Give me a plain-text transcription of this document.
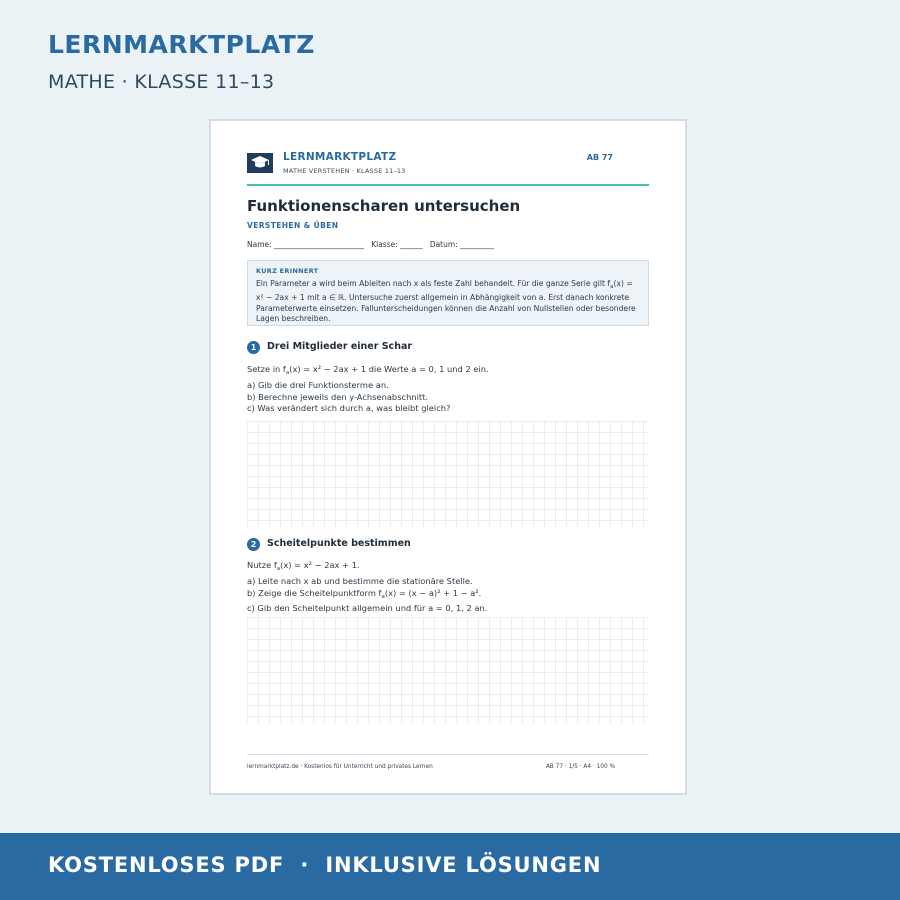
LERNMARKTPLATZ
MATHE · KLASSE 11–13
LERNMARKTPLATZ
MATHE VERSTEHEN · KLASSE 11–13
AB 77
Funktionenscharen untersuchen
VERSTEHEN & ÜBEN
Name: ________________________ Klasse: ______ Datum: _________
KURZ ERINNERT
Ein Parameter a wird beim Ableiten nach x als feste Zahl behandelt. Für die ganze Serie gilt $f_a(x) = x^2 - 2ax + 1$ mit a ∈ ℝ. Untersuche zuerst allgemein in Abhängigkeit von a. Erst danach konkrete Parameterwerte einsetzen. Fallunterscheidungen können die Anzahl von Nullstellen oder besondere Lagen beschreiben.
1	Drei Mitglieder einer Schar
Setze in $f_a(x) = x^2 - 2ax + 1$ die Werte a = 0, 1 und 2 ein.
a) Gib die drei Funktionsterme an.
b) Berechne jeweils den y-Achsenabschnitt.
c) Was verändert sich durch a, was bleibt gleich?
2	Scheitelpunkte bestimmen
Nutze $f_a(x) = x^2 - 2ax + 1$.
a) Leite nach x ab und bestimme die stationäre Stelle.
b) Zeige die Scheitelpunktform $f_a(x) = (x - a)^2 + 1 - a^2$.
c) Gib den Scheitelpunkt allgemein und für a = 0, 1, 2 an.
lernmarktplatz.de · Kostenlos für Unterricht und privates Lernen	AB 77 · 1/5 · A4 · 100 %
KOSTENLOSES PDF  ·  INKLUSIVE LÖSUNGEN
